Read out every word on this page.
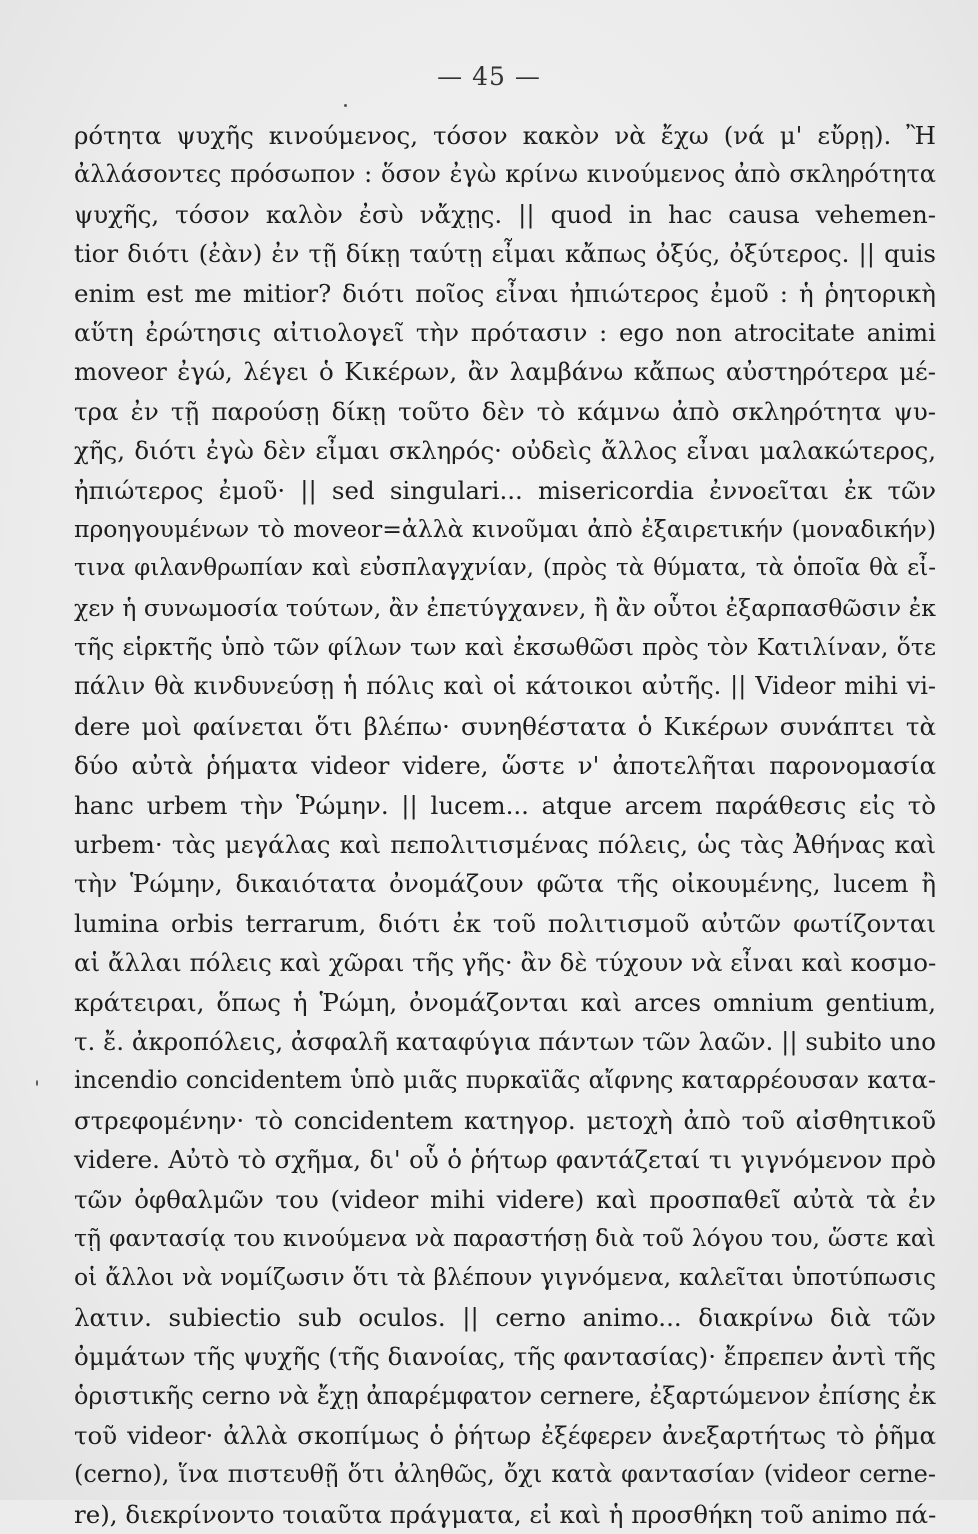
— 45 —
ρότητα ψυχῆς κινούμενος, τόσον κακὸν νὰ ἔχω (νά μ' εὔρῃ). Ἢ
ἀλλάσοντες πρόσωπον : ὅσον ἐγὼ κρίνω κινούμενος ἀπὸ σκληρότητα
ψυχῆς, τόσον καλὸν ἐσὺ νἄχῃς. || quod in hac causa vehemen-
tior διότι (ἐὰν) ἐν τῇ δίκῃ ταύτῃ εἶμαι κἄπως ὀξύς, ὀξύτερος. || quis
enim est me mitior? διότι ποῖος εἶναι ἠπιώτερος ἐμοῦ : ἡ ῥητορικὴ
αὕτη ἐρώτησις αἰτιολογεῖ τὴν πρότασιν : ego non atrocitate animi
moveor ἐγώ, λέγει ὁ Κικέρων, ἂν λαμβάνω κἄπως αὐστηρότερα μέ-
τρα ἐν τῇ παρούσῃ δίκῃ τοῦτο δὲν τὸ κάμνω ἀπὸ σκληρότητα ψυ-
χῆς, διότι ἐγὼ δὲν εἶμαι σκληρός· οὐδεὶς ἄλλος εἶναι μαλακώτερος,
ἠπιώτερος ἐμοῦ· || sed singulari... misericordia ἐννοεῖται ἐκ τῶν
προηγουμένων τὸ moveor=ἀλλὰ κινοῦμαι ἀπὸ ἐξαιρετικήν (μοναδικήν)
τινα φιλανθρωπίαν καὶ εὐσπλαγχνίαν, (πρὸς τὰ θύματα, τὰ ὁποῖα θὰ εἶ-
χεν ἡ συνωμοσία τούτων, ἂν ἐπετύγχανεν, ἢ ἂν οὗτοι ἐξαρπασθῶσιν ἐκ
τῆς εἱρκτῆς ὑπὸ τῶν φίλων των καὶ ἐκσωθῶσι πρὸς τὸν Κατιλίναν, ὅτε
πάλιν θὰ κινδυνεύσῃ ἡ πόλις καὶ οἱ κάτοικοι αὐτῆς. || Videor mihi vi-
dere μοὶ φαίνεται ὅτι βλέπω· συνηθέστατα ὁ Κικέρων συνάπτει τὰ
δύο αὐτὰ ῥήματα videor videre, ὥστε ν' ἀποτελῆται παρονομασία
hanc urbem τὴν Ῥώμην. || lucem... atque arcem παράθεσις εἰς τὸ
urbem· τὰς μεγάλας καὶ πεπολιτισμένας πόλεις, ὡς τὰς Ἀθήνας καὶ
τὴν Ῥώμην, δικαιότατα ὀνομάζουν φῶτα τῆς οἰκουμένης, lucem ἢ
lumina orbis terrarum, διότι ἐκ τοῦ πολιτισμοῦ αὐτῶν φωτίζονται
αἱ ἄλλαι πόλεις καὶ χῶραι τῆς γῆς· ἂν δὲ τύχουν νὰ εἶναι καὶ κοσμο-
κράτειραι, ὅπως ἡ Ῥώμη, ὀνομάζονται καὶ arces omnium gentium,
τ. ἔ. ἀκροπόλεις, ἀσφαλῆ καταφύγια πάντων τῶν λαῶν. || subito uno
incendio concidentem ὑπὸ μιᾶς πυρκαϊᾶς αἴφνης καταρρέουσαν κατα-
στρεφομένην· τὸ concidentem κατηγορ. μετοχὴ ἀπὸ τοῦ αἰσθητικοῦ
videre. Αὐτὸ τὸ σχῆμα, δι' οὗ ὁ ῥήτωρ φαντάζεταί τι γιγνόμενον πρὸ
τῶν ὀφθαλμῶν του (videor mihi videre) καὶ προσπαθεῖ αὐτὰ τὰ ἐν
τῇ φαντασίᾳ του κινούμενα νὰ παραστήσῃ διὰ τοῦ λόγου του, ὥστε καὶ
οἱ ἄλλοι νὰ νομίζωσιν ὅτι τὰ βλέπουν γιγνόμενα, καλεῖται ὑποτύπωσις
λατιν. subiectio sub oculos. || cerno animo... διακρίνω διὰ τῶν
ὀμμάτων τῆς ψυχῆς (τῆς διανοίας, τῆς φαντασίας)· ἔπρεπεν ἀντὶ τῆς
ὁριστικῆς cerno νὰ ἔχῃ ἀπαρέμφατον cernere, ἐξαρτώμενον ἐπίσης ἐκ
τοῦ videor· ἀλλὰ σκοπίμως ὁ ῥήτωρ ἐξέφερεν ἀνεξαρτήτως τὸ ῥῆμα
(cerno), ἵνα πιστευθῇ ὅτι ἀληθῶς, ὄχι κατὰ φαντασίαν (videor cerne-
re), διεκρίνοντο τοιαῦτα πράγματα, εἰ καὶ ἡ προσθήκη τοῦ animo πά-
